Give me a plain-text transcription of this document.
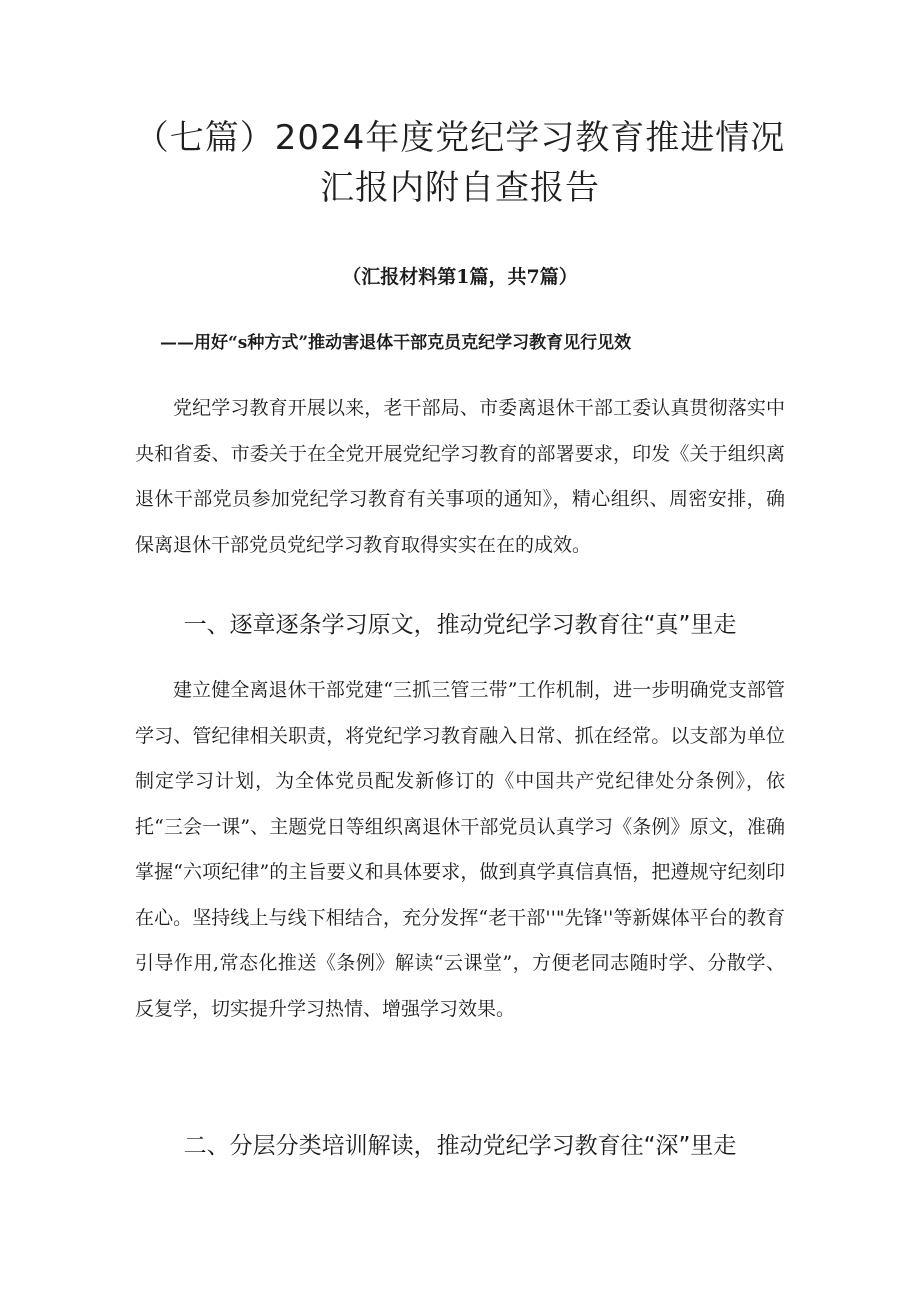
（七篇）2024年度党纪学习教育推进情况
汇报内附自查报告
（汇报材料第1篇，共7篇）
——用好“s种方式”推动害退体干部克员克纪学习教育见行见效

党纪学习教育开展以来，老干部局、市委离退休干部工委认真贯彻落实中央和省委、市委关于在全党开展党纪学习教育的部署要求，印发《关于组织离退休干部党员参加党纪学习教育有关事项的通知》，精心组织、周密安排，确保离退休干部党员党纪学习教育取得实实在在的成效。

一、逐章逐条学习原文，推动党纪学习教育往“真”里走

建立健全离退休干部党建“三抓三管三带”工作机制，进一步明确党支部管学习、管纪律相关职责，将党纪学习教育融入日常、抓在经常。以支部为单位制定学习计划，为全体党员配发新修订的《中国共产党纪律处分条例》，依托“三会一课”、主题党日等组织离退休干部党员认真学习《条例》原文，准确掌握“六项纪律”的主旨要义和具体要求，做到真学真信真悟，把遵规守纪刻印在心。坚持线上与线下相结合，充分发挥“老干部''"先锋''等新媒体平台的教育引导作用,常态化推送《条例》解读“云课堂”，方便老同志随时学、分散学、反复学，切实提升学习热情、增强学习效果。

二、分层分类培训解读，推动党纪学习教育往“深”里走
